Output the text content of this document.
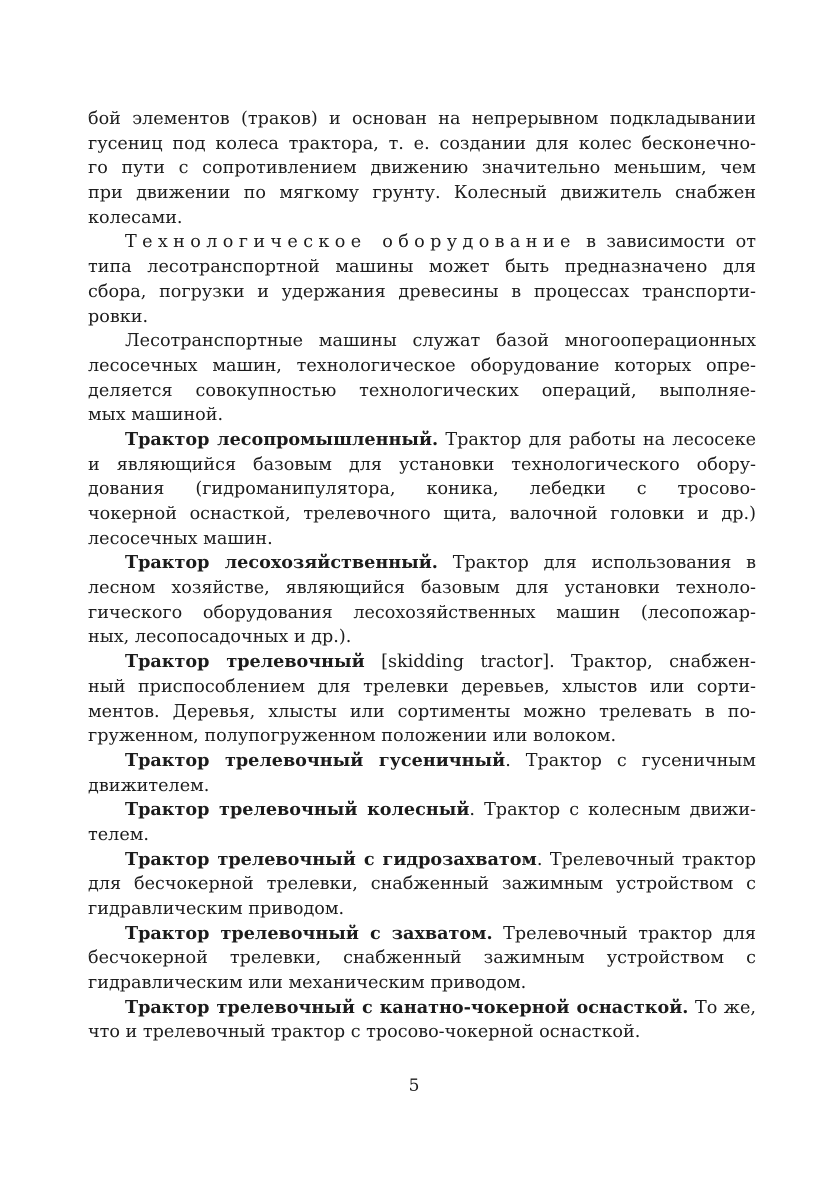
бой элементов (траков) и основан на непрерывном подкладывании
гусениц под колеса трактора, т. е. создании для колес бесконечно-
го пути с сопротивлением движению значительно меньшим, чем
при движении по мягкому грунту. Колесный движитель снабжен
колесами.
Технологическое оборудование в зависимости от
типа лесотранспортной машины может быть предназначено для
сбора, погрузки и удержания древесины в процессах транспорти-
ровки.
Лесотранспортные машины служат базой многооперационных
лесосечных машин, технологическое оборудование которых опре-
деляется совокупностью технологических операций, выполняе-
мых машиной.
Трактор лесопромышленный. Трактор для работы на лесосеке
и являющийся базовым для установки технологического обору-
дования (гидроманипулятора, коника, лебедки с тросово-
чокерной оснасткой, трелевочного щита, валочной головки и др.)
лесосечных машин.
Трактор лесохозяйственный. Трактор для использования в
лесном хозяйстве, являющийся базовым для установки техноло-
гического оборудования лесохозяйственных машин (лесопожар-
ных, лесопосадочных и др.).
Трактор трелевочный [skidding tractor]. Трактор, снабжен-
ный приспособлением для трелевки деревьев, хлыстов или сорти-
ментов. Деревья, хлысты или сортименты можно трелевать в по-
груженном, полупогруженном положении или волоком.
Трактор трелевочный гусеничный. Трактор с гусеничным
движителем.
Трактор трелевочный колесный. Трактор с колесным движи-
телем.
Трактор трелевочный с гидрозахватом. Трелевочный трактор
для бесчокерной трелевки, снабженный зажимным устройством с
гидравлическим приводом.
Трактор трелевочный с захватом. Трелевочный трактор для
бесчокерной трелевки, снабженный зажимным устройством с
гидравлическим или механическим приводом.
Трактор трелевочный с канатно-чокерной оснасткой. То же,
что и трелевочный трактор с тросово-чокерной оснасткой.
5
